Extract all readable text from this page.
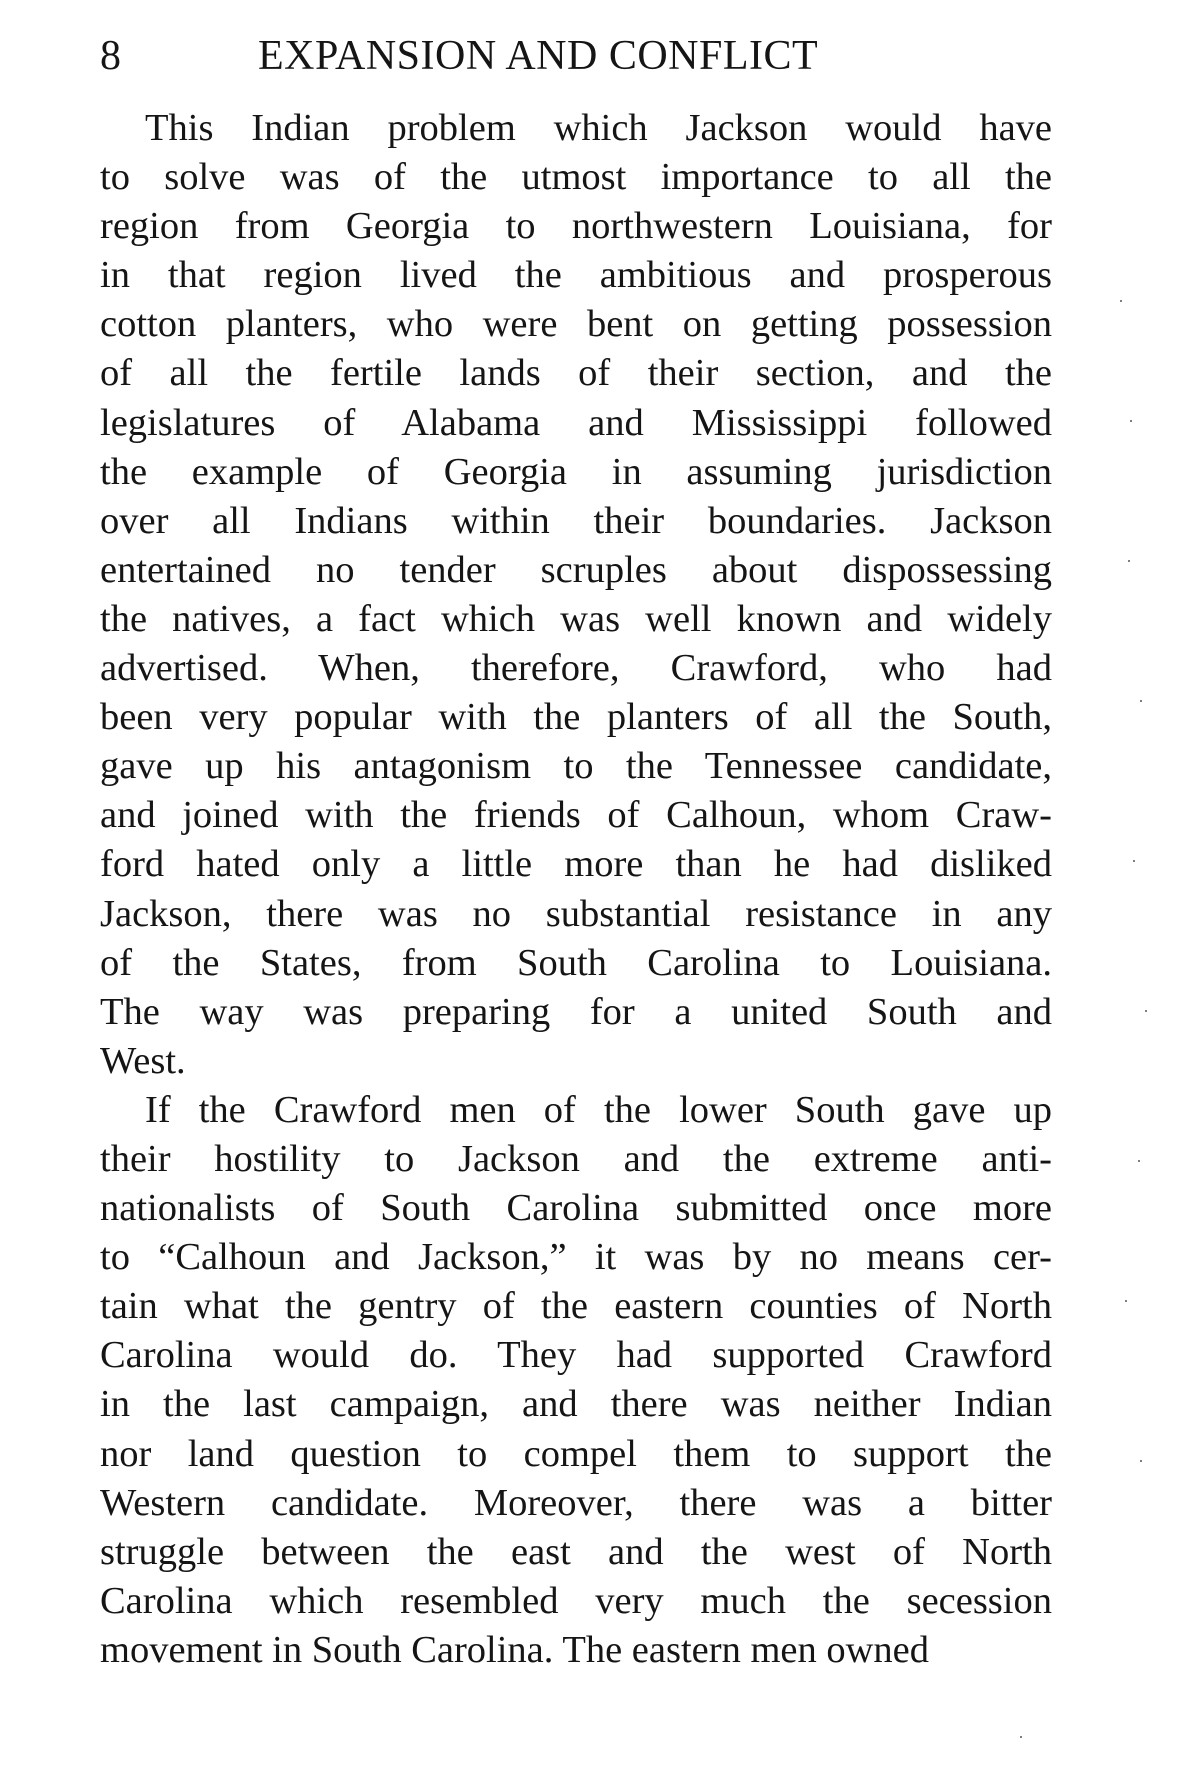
8	EXPANSION AND CONFLICT
This Indian problem which Jackson would have
to solve was of the utmost importance to all the
region from Georgia to northwestern Louisiana, for
in that region lived the ambitious and prosperous
cotton planters, who were bent on getting possession
of all the fertile lands of their section, and the
legislatures of Alabama and Mississippi followed
the example of Georgia in assuming jurisdiction
over all Indians within their boundaries. Jackson
entertained no tender scruples about dispossessing
the natives, a fact which was well known and widely
advertised. When, therefore, Crawford, who had
been very popular with the planters of all the South,
gave up his antagonism to the Tennessee candidate,
and joined with the friends of Calhoun, whom Craw-
ford hated only a little more than he had disliked
Jackson, there was no substantial resistance in any
of the States, from South Carolina to Louisiana.
The way was preparing for a united South and
West.
If the Crawford men of the lower South gave up
their hostility to Jackson and the extreme anti-
nationalists of South Carolina submitted once more
to “Calhoun and Jackson,” it was by no means cer-
tain what the gentry of the eastern counties of North
Carolina would do. They had supported Crawford
in the last campaign, and there was neither Indian
nor land question to compel them to support the
Western candidate. Moreover, there was a bitter
struggle between the east and the west of North
Carolina which resembled very much the secession
movement in South Carolina. The eastern men owned
